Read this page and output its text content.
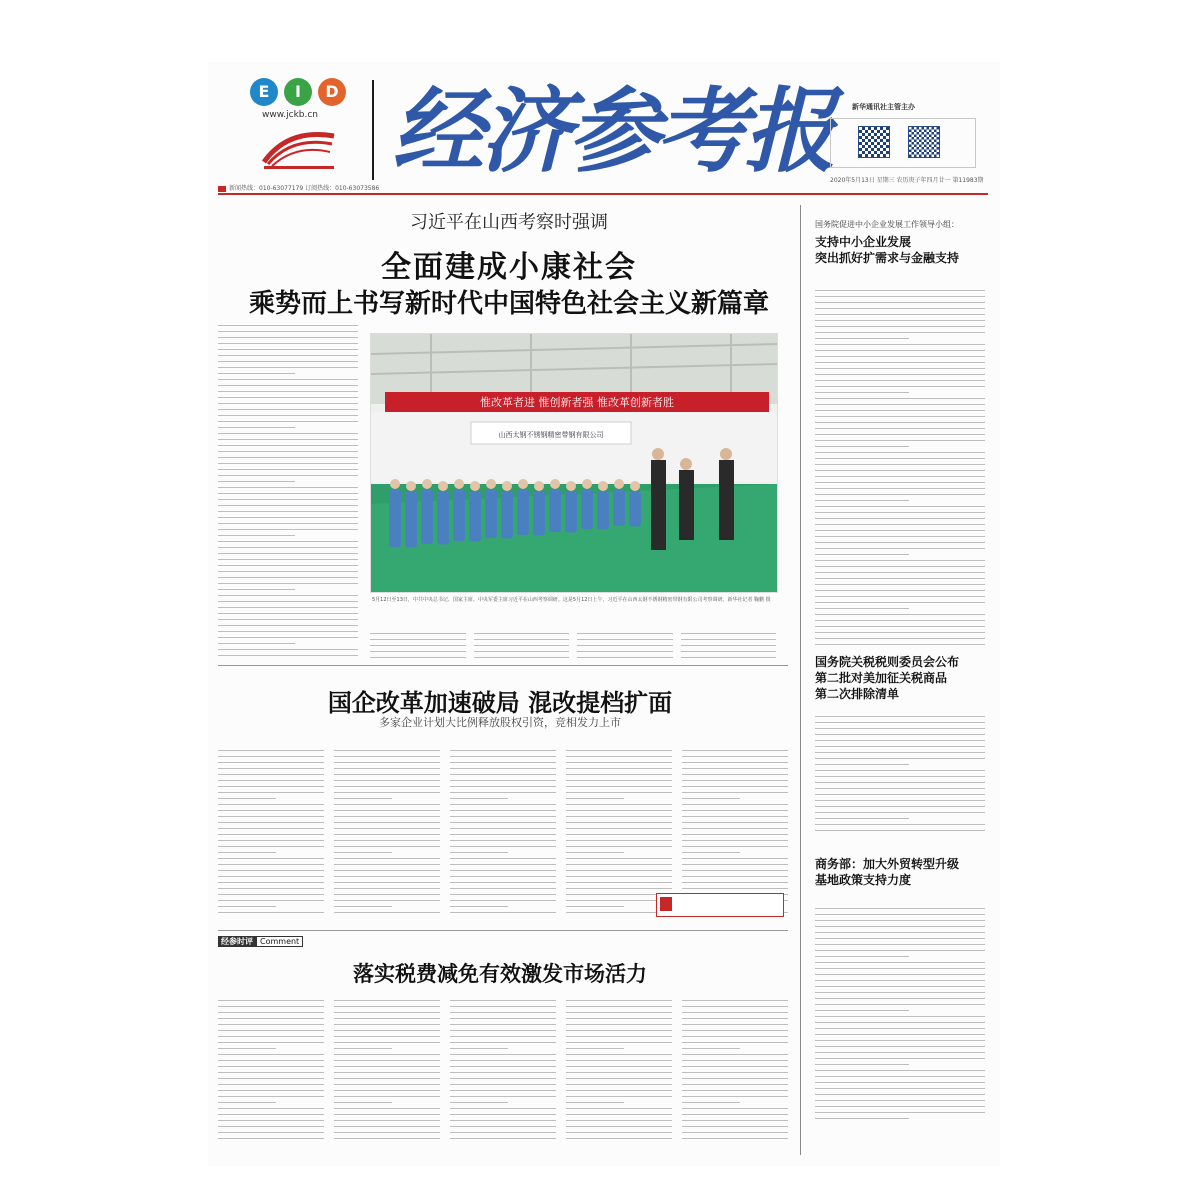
E	I	D
www.jckb.cn 经济参考报	新华通讯社主管主办
2020年5月13日 星期三 农历庚子年四月廿一 第11983期
新闻热线：010-63077179 订阅热线：010-63073586
习近平在山西考察时强调
全面建成小康社会
乘势而上书写新时代中国特色社会主义新篇章
惟改革者进 惟创新者强 惟改革创新者胜
山西太钢不锈钢精密带钢有限公司
5月12日至13日，中共中央总书记、国家主席、中央军委主席习近平在山西考察调研。这是5月12日上午，习近平在山西太钢不锈钢精密带钢有限公司考察调研。新华社记者 鞠鹏 摄
国企改革加速破局 混改提档扩面
多家企业计划大比例释放股权引资，竞相发力上市
经参时评 Comment
落实税费减免有效激发市场活力
国务院促进中小企业发展工作领导小组：
支持中小企业发展
突出抓好扩需求与金融支持
国务院关税税则委员会公布
第二批对美加征关税商品
第二次排除清单
商务部：加大外贸转型升级
基地政策支持力度
